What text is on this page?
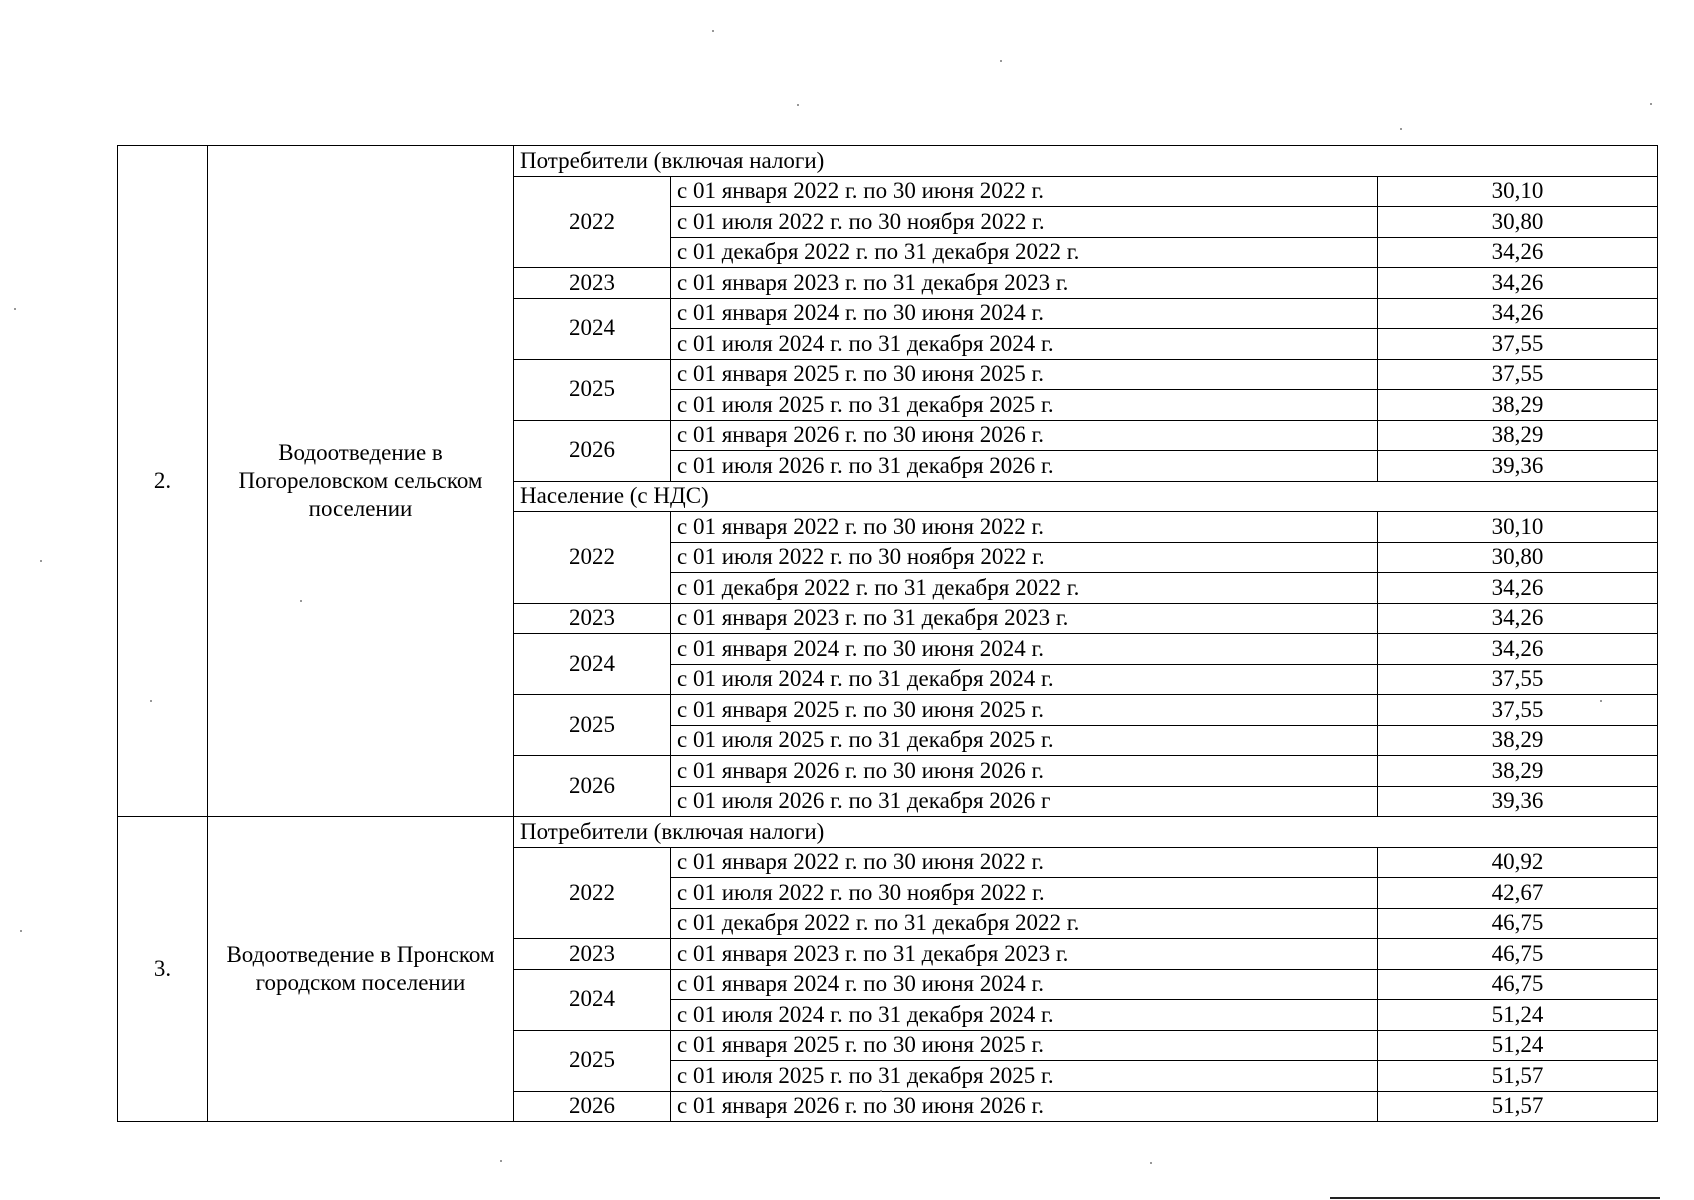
2.	Водоотведение в Погореловском сельском поселении	Потребители (включая налоги)		
		2022	с 01 января 2022 г. по 30 июня 2022 г.	30,10
			с 01 июля 2022 г. по 30 ноября 2022 г.	30,80
			с 01 декабря 2022 г. по 31 декабря 2022 г.	34,26
		2023	с 01 января 2023 г. по 31 декабря 2023 г.	34,26
		2024	с 01 января 2024 г. по 30 июня 2024 г.	34,26
			с 01 июля 2024 г. по 31 декабря 2024 г.	37,55
		2025	с 01 января 2025 г. по 30 июня 2025 г.	37,55
			с 01 июля 2025 г. по 31 декабря 2025 г.	38,29
		2026	с 01 января 2026 г. по 30 июня 2026 г.	38,29
			с 01 июля 2026 г. по 31 декабря 2026 г.	39,36
		Население (с НДС)		
		2022	с 01 января 2022 г. по 30 июня 2022 г.	30,10
			с 01 июля 2022 г. по 30 ноября 2022 г.	30,80
			с 01 декабря 2022 г. по 31 декабря 2022 г.	34,26
		2023	с 01 января 2023 г. по 31 декабря 2023 г.	34,26
		2024	с 01 января 2024 г. по 30 июня 2024 г.	34,26
			с 01 июля 2024 г. по 31 декабря 2024 г.	37,55
		2025	с 01 января 2025 г. по 30 июня 2025 г.	37,55
			с 01 июля 2025 г. по 31 декабря 2025 г.	38,29
		2026	с 01 января 2026 г. по 30 июня 2026 г.	38,29
			с 01 июля 2026 г. по 31 декабря 2026 г	39,36
3.	Водоотведение в Пронском городском поселении	Потребители (включая налоги)		
		2022	с 01 января 2022 г. по 30 июня 2022 г.	40,92
			с 01 июля 2022 г. по 30 ноября 2022 г.	42,67
			с 01 декабря 2022 г. по 31 декабря 2022 г.	46,75
		2023	с 01 января 2023 г. по 31 декабря 2023 г.	46,75
		2024	с 01 января 2024 г. по 30 июня 2024 г.	46,75
			с 01 июля 2024 г. по 31 декабря 2024 г.	51,24
		2025	с 01 января 2025 г. по 30 июня 2025 г.	51,24
			с 01 июля 2025 г. по 31 декабря 2025 г.	51,57
		2026	с 01 января 2026 г. по 30 июня 2026 г.	51,57
